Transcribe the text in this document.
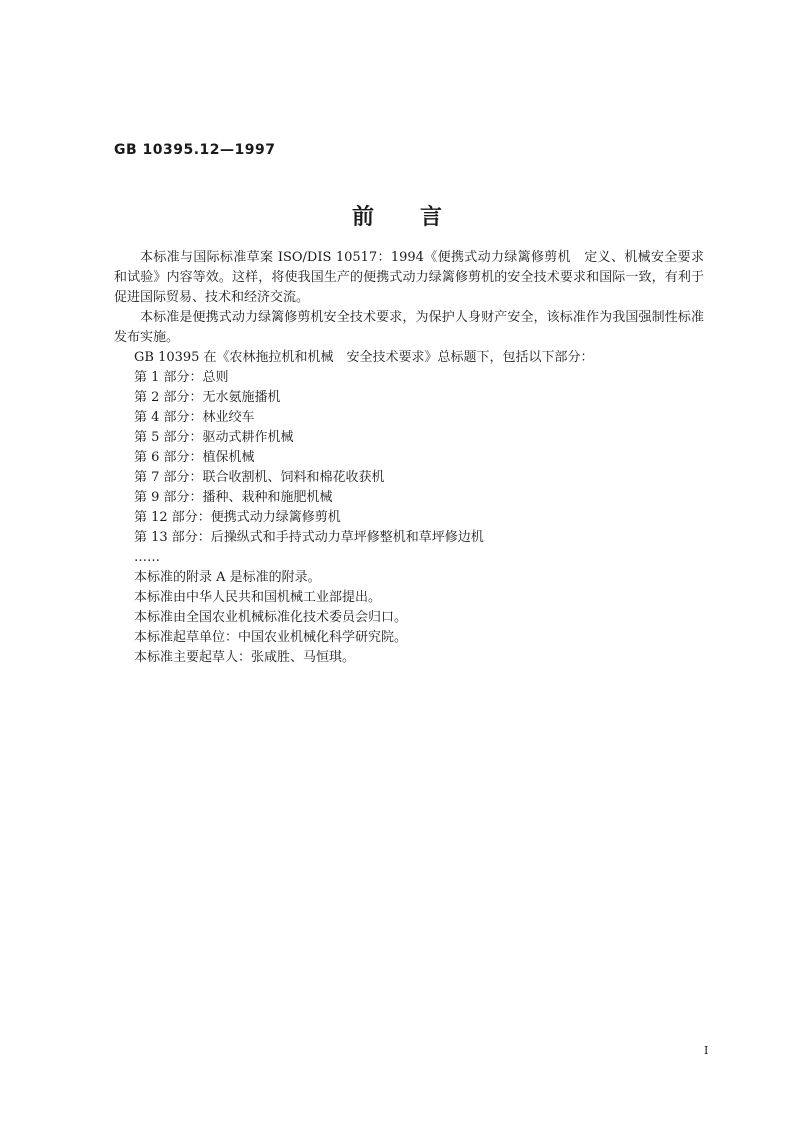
GB 10395.12—1997
前 言

本标准与国际标准草案 ISO/DIS 10517：1994《便携式动力绿篱修剪机　定义、机械安全要求和试验》内容等效。这样，将使我国生产的便携式动力绿篱修剪机的安全技术要求和国际一致，有利于促进国际贸易、技术和经济交流。

本标准是便携式动力绿篱修剪机安全技术要求，为保护人身财产安全，该标准作为我国强制性标准发布实施。

GB 10395 在《农林拖拉机和机械　安全技术要求》总标题下，包括以下部分：

第 1 部分：总则

第 2 部分：无水氨施播机

第 4 部分：林业绞车

第 5 部分：驱动式耕作机械

第 6 部分：植保机械

第 7 部分：联合收割机、饲料和棉花收获机

第 9 部分：播种、栽种和施肥机械

第 12 部分：便携式动力绿篱修剪机

第 13 部分：后操纵式和手持式动力草坪修整机和草坪修边机

……

本标准的附录 A 是标准的附录。

本标准由中华人民共和国机械工业部提出。

本标准由全国农业机械标准化技术委员会归口。

本标准起草单位：中国农业机械化科学研究院。

本标准主要起草人：张咸胜、马恒琪。

I
